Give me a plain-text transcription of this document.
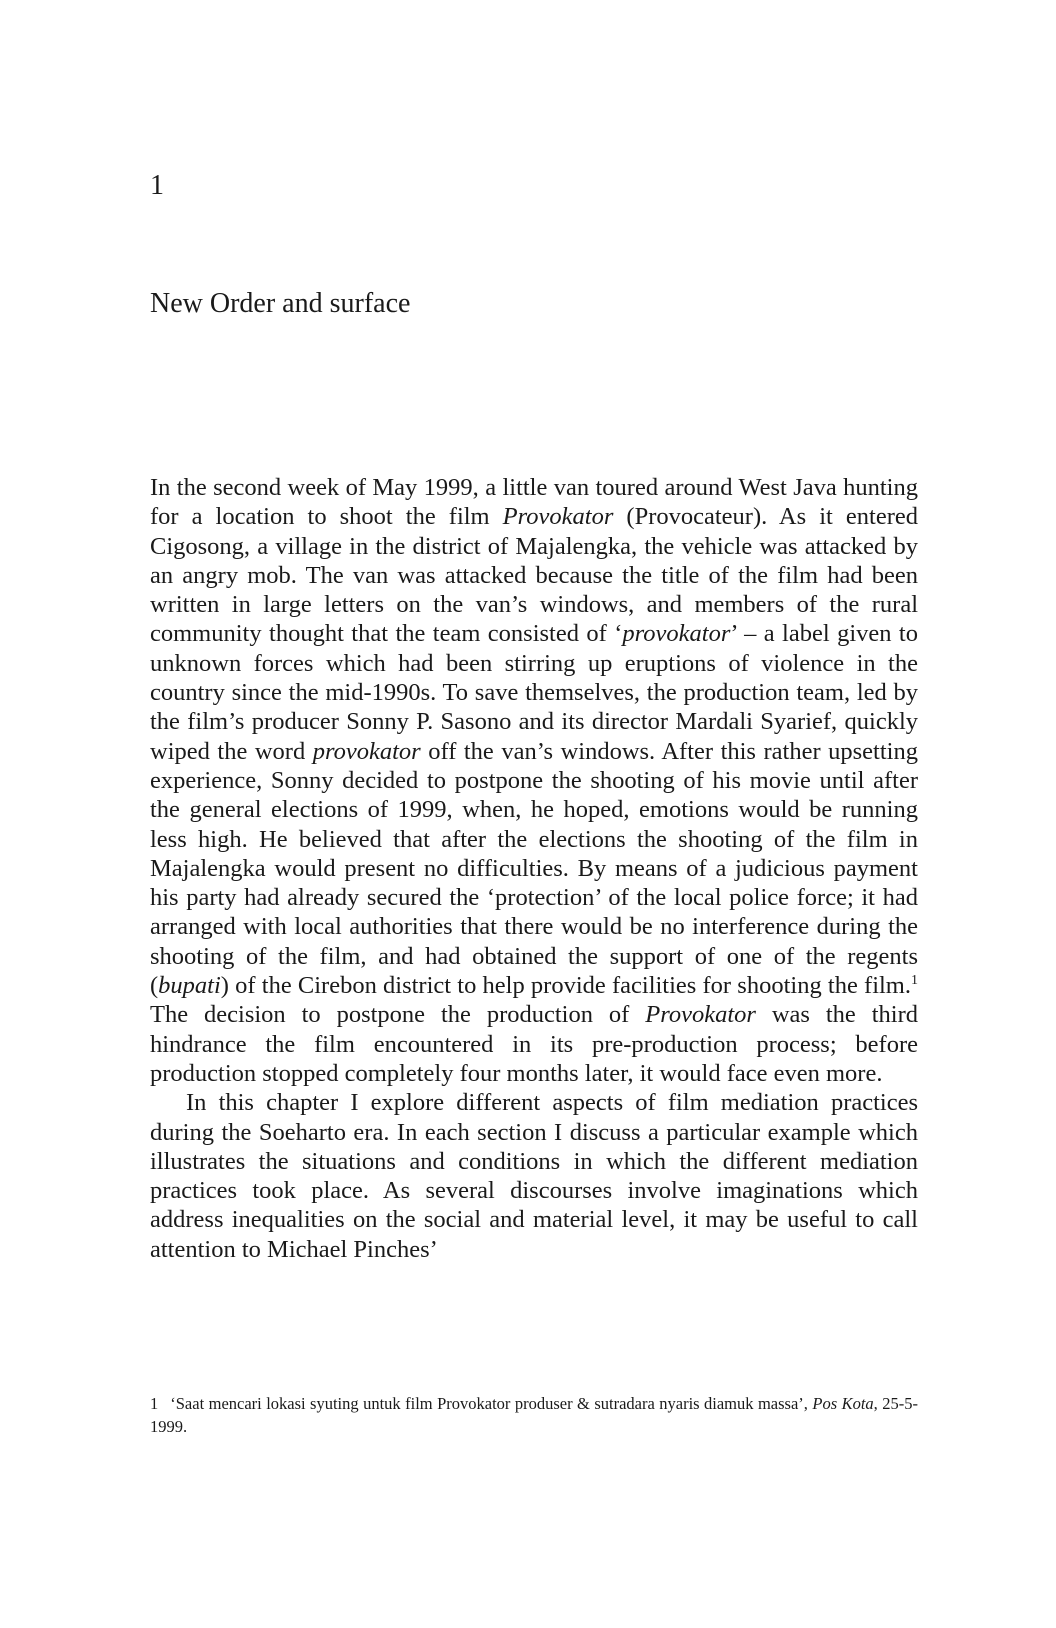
1
New Order and surface

In the second week of May 1999, a little van toured around West Java hunting for a location to shoot the film Provokator (Provocateur). As it entered Cigosong, a village in the district of Majalengka, the vehicle was attacked by an angry mob. The van was attacked because the title of the film had been written in large letters on the van’s windows, and members of the rural community thought that the team consisted of ‘provokator’ – a label given to unknown forces which had been stirring up eruptions of violence in the country since the mid-1990s. To save themselves, the production team, led by the film’s producer Sonny P. Sasono and its director Mardali Syarief, quickly wiped the word provokator off the van’s windows. After this rather upsetting experience, Sonny decided to postpone the shooting of his movie until after the general elections of 1999, when, he hoped, emotions would be running less high. He believed that after the elections the shooting of the film in Majalengka would present no difficulties. By means of a judicious payment his party had already secured the ‘protection’ of the local police force; it had arranged with local authorities that there would be no interference during the shooting of the film, and had obtained the support of one of the regents (bupati) of the Cirebon district to help provide facilities for shooting the film.$^1$ The decision to postpone the production of Provokator was the third hindrance the film encountered in its pre-production process; before production stopped completely four months later, it would face even more.

In this chapter I explore different aspects of film mediation practices during the Soeharto era. In each section I discuss a particular example which illustrates the situations and conditions in which the different mediation practices took place. As several discourses involve imaginations which address inequalities on the social and material level, it may be useful to call attention to Michael Pinches’

1 ‘Saat mencari lokasi syuting untuk film Provokator produser & sutradara nyaris diamuk massa’, Pos Kota, 25-5-1999.
